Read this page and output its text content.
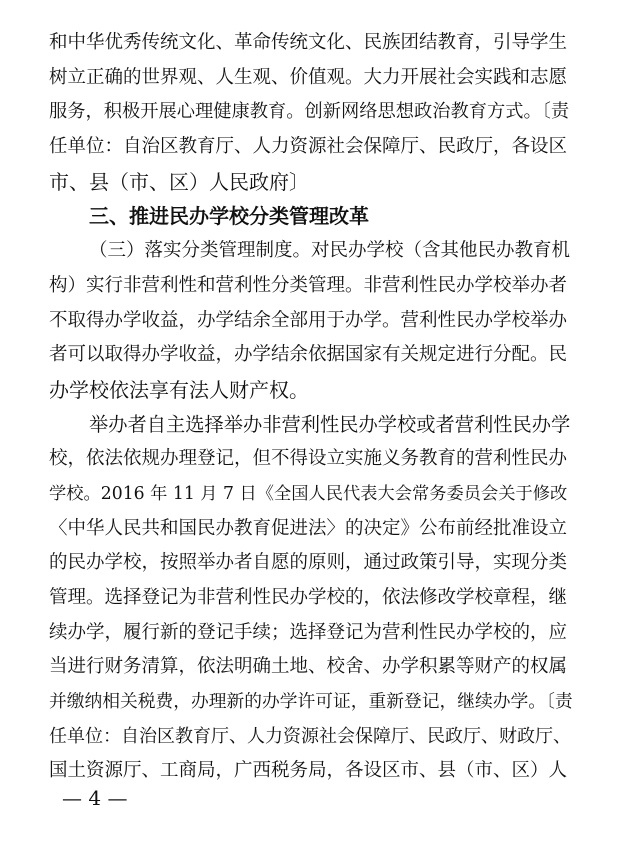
和中华优秀传统文化、革命传统文化、民族团结教育，引导学生
树立正确的世界观、人生观、价值观。大力开展社会实践和志愿
服务，积极开展心理健康教育。创新网络思想政治教育方式。〔责
任单位：自治区教育厅、人力资源社会保障厅、民政厅，各设区
市、县（市、区）人民政府〕
三、推进民办学校分类管理改革
（三）落实分类管理制度。对民办学校（含其他民办教育机
构）实行非营利性和营利性分类管理。非营利性民办学校举办者
不取得办学收益，办学结余全部用于办学。营利性民办学校举办
者可以取得办学收益，办学结余依据国家有关规定进行分配。民
办学校依法享有法人财产权。
举办者自主选择举办非营利性民办学校或者营利性民办学
校，依法依规办理登记，但不得设立实施义务教育的营利性民办
学校。2016 年 11 月 7 日《全国人民代表大会常务委员会关于修改
〈中华人民共和国民办教育促进法〉的决定》公布前经批准设立
的民办学校，按照举办者自愿的原则，通过政策引导，实现分类
管理。选择登记为非营利性民办学校的，依法修改学校章程，继
续办学，履行新的登记手续；选择登记为营利性民办学校的，应
当进行财务清算，依法明确土地、校舍、办学积累等财产的权属
并缴纳相关税费，办理新的办学许可证，重新登记，继续办学。〔责
任单位：自治区教育厅、人力资源社会保障厅、民政厅、财政厅、
国土资源厅、工商局，广西税务局，各设区市、县（市、区）人
— 4 —
